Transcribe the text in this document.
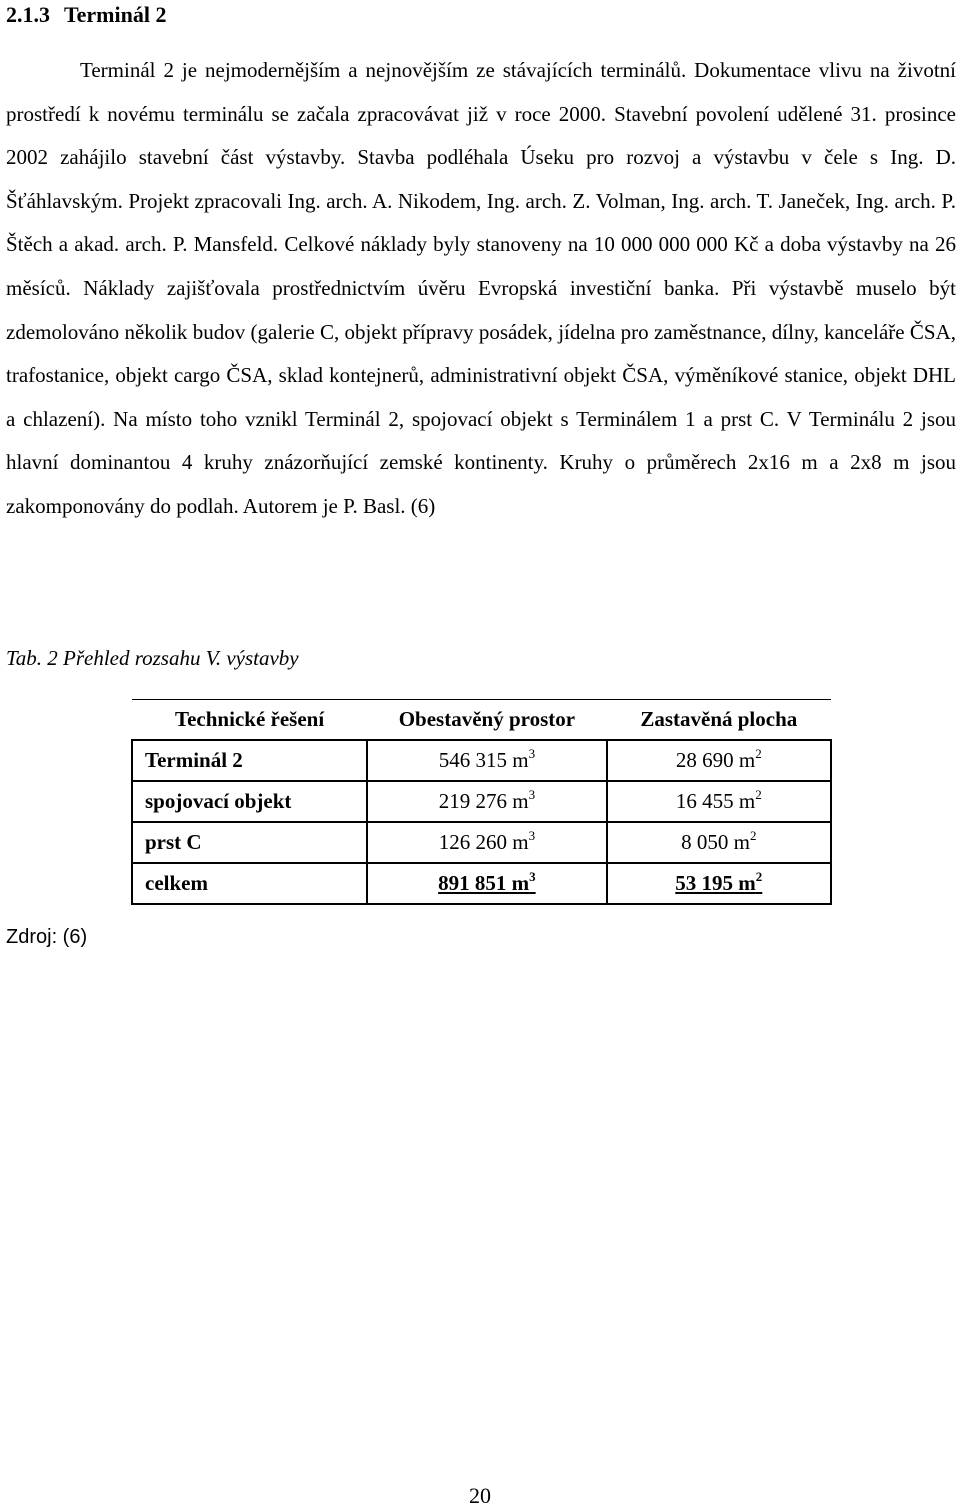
2.1.3 Terminál 2

Terminál 2 je nejmodernějším a nejnovějším ze stávajících terminálů. Dokumentace vlivu na životní prostředí k novému terminálu se začala zpracovávat již v roce 2000. Stavební povolení udělené 31. prosince 2002 zahájilo stavební část výstavby. Stavba podléhala Úseku pro rozvoj a výstavbu v čele s Ing. D. Šťáhlavským. Projekt zpracovali Ing. arch. A. Nikodem, Ing. arch. Z. Volman, Ing. arch. T. Janeček, Ing. arch. P. Štěch a akad. arch. P. Mansfeld. Celkové náklady byly stanoveny na 10 000 000 000 Kč a doba výstavby na 26 měsíců. Náklady zajišťovala prostřednictvím úvěru Evropská investiční banka. Při výstavbě muselo být zdemolováno několik budov (galerie C, objekt přípravy posádek, jídelna pro zaměstnance, dílny, kanceláře ČSA, trafostanice, objekt cargo ČSA, sklad kontejnerů, administrativní objekt ČSA, výměníkové stanice, objekt DHL a chlazení). Na místo toho vznikl Terminál 2, spojovací objekt s Terminálem 1 a prst C. V Terminálu 2 jsou hlavní dominantou 4 kruhy znázorňující zemské kontinenty. Kruhy o průměrech 2x16 m a 2x8 m jsou zakomponovány do podlah. Autorem je P. Basl. (6)

Tab. 2 Přehled rozsahu V. výstavby
Technické řešení	Obestavěný prostor	Zastavěná plocha
Terminál 2	546 315 $m^3$	28 690 $m^2$
spojovací objekt	219 276 $m^3$	16 455 $m^2$
prst C	126 260 $m^3$	8 050 $m^2$
celkem	891 851 $m^3$	53 195 $m^2$
Zdroj: (6)
20
